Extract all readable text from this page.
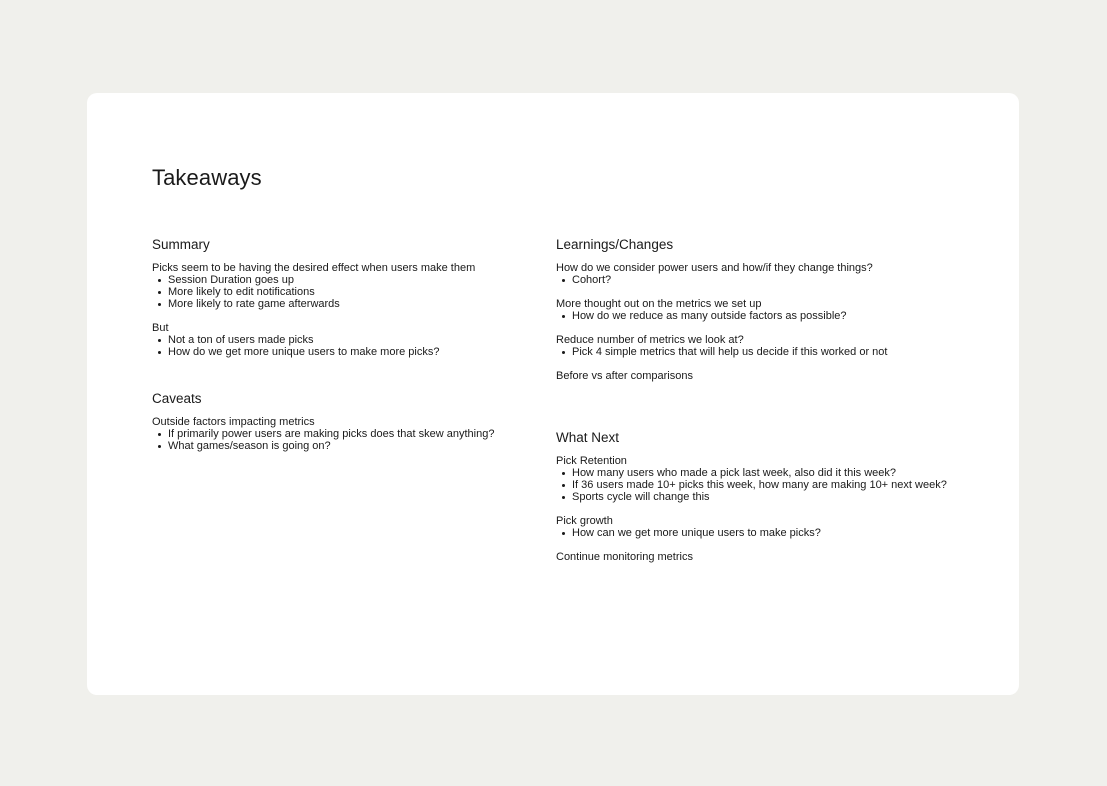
Takeaways
Summary

Picks seem to be having the desired effect when users make them

Session Duration goes up
More likely to edit notifications
More likely to rate game afterwards

But

Not a ton of users made picks
How do we get more unique users to make more picks?
Caveats

Outside factors impacting metrics

If primarily power users are making picks does that skew anything?
What games/season is going on?
Learnings/Changes

How do we consider power users and how/if they change things?

Cohort?

More thought out on the metrics we set up

How do we reduce as many outside factors as possible?

Reduce number of metrics we look at?

Pick 4 simple metrics that will help us decide if this worked or not

Before vs after comparisons

What Next

Pick Retention

How many users who made a pick last week, also did it this week?
If 36 users made 10+ picks this week, how many are making 10+ next week?
Sports cycle will change this

Pick growth

How can we get more unique users to make picks?

Continue monitoring metrics
